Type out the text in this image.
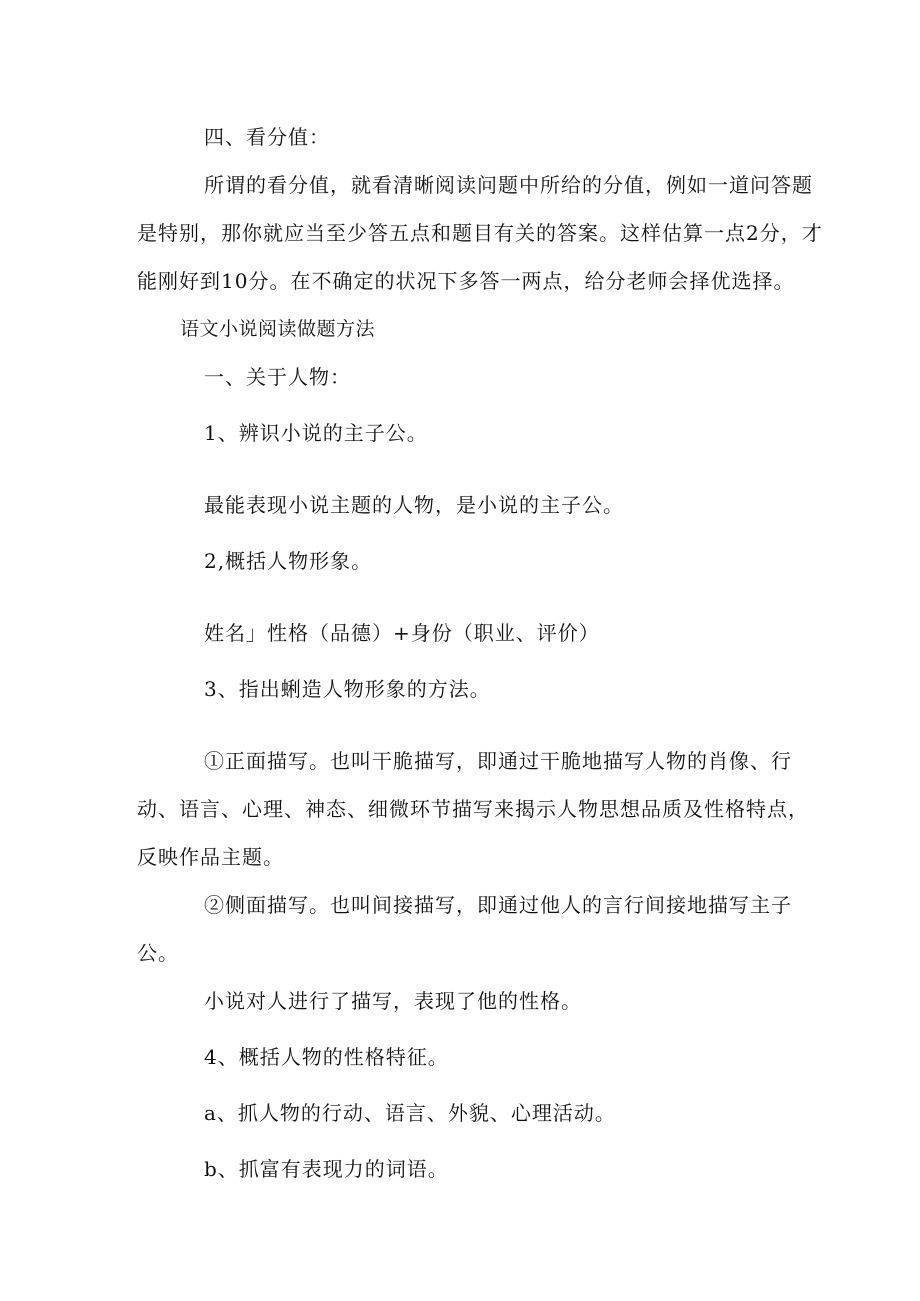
四、看分值：
所谓的看分值，就看清晰阅读问题中所给的分值，例如一道问答题
是特别，那你就应当至少答五点和题目有关的答案。这样估算一点2分，才
能刚好到10分。在不确定的状况下多答一两点，给分老师会择优选择。
语文小说阅读做题方法
一、关于人物：
1、辨识小说的主子公。
最能表现小说主题的人物，是小说的主子公。
2,概括人物形象。
姓名」性格（品德）+身份（职业、评价）
3、指出蜊造人物形象的方法。
①正面描写。也叫干脆描写，即通过干脆地描写人物的肖像、行
动、语言、心理、神态、细微环节描写来揭示人物思想品质及性格特点，
反映作品主题。
②侧面描写。也叫间接描写，即通过他人的言行间接地描写主子
公。
小说对人进行了描写，表现了他的性格。
4、概括人物的性格特征。
a、抓人物的行动、语言、外貌、心理活动。
b、抓富有表现力的词语。
